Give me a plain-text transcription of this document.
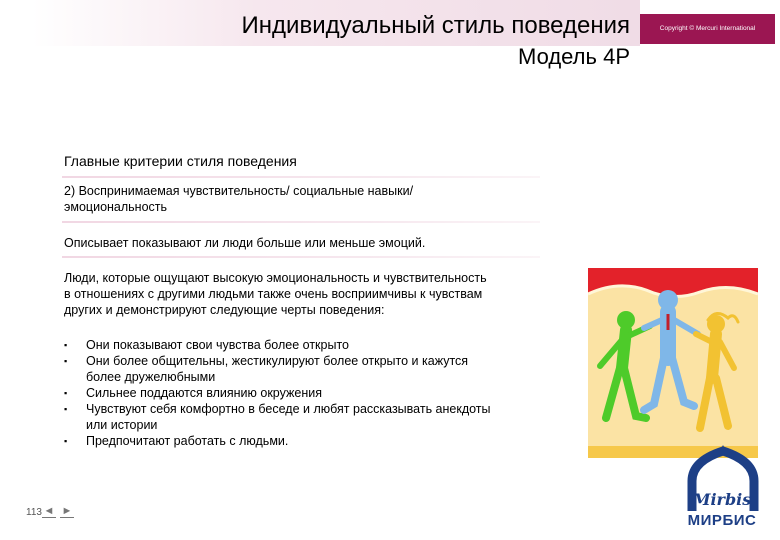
Индивидуальный стиль поведения
Модель 4P
Copyright © Mercuri International
Главные критерии стиля поведения
2) Воспринимаемая чувствительность/ социальные навыки/
эмоциональность
Описывает показывают ли люди больше или меньше эмоций.
Люди, которые ощущают высокую эмоциональность и чувствительность
в отношениях с другими людьми также очень восприимчивы к чувствам
других и демонстрируют следующие черты поведения:
▪ Они показывают свои чувства более открыто
▪ Они более общительны, жестикулируют более открыто и кажутся
более дружелюбными
▪ Сильнее поддаются влиянию окружения
▪ Чувствуют себя комфортно в беседе и любят рассказывать анекдоты
или истории
▪ Предпочитают работать с людьми.
113 ◄ ►
Mirbis
МИРБИС
